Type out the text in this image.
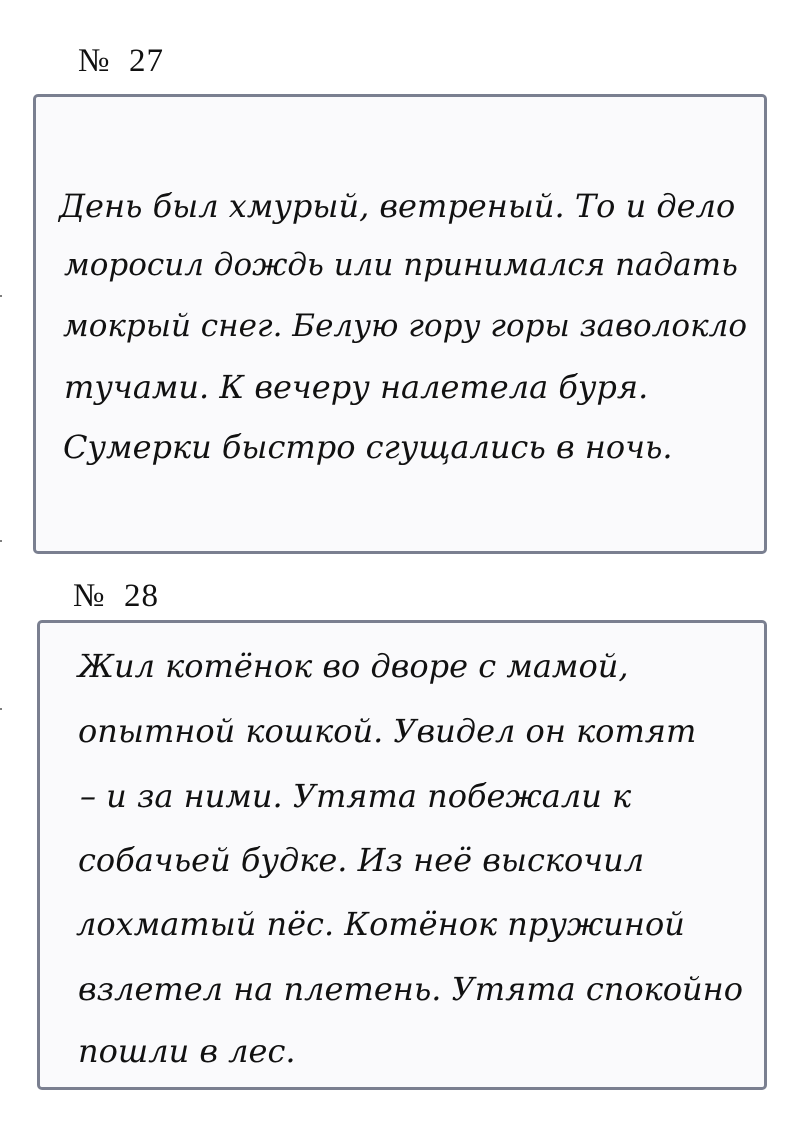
№  27
День был хмурый, ветреный. То и дело
моросил дождь или принимался падать
мокрый снег. Белую гору горы заволокло
тучами. К вечеру налетела буря.
Сумерки быстро сгущались в ночь.
№  28
Жил котёнок во дворе с мамой,
опытной кошкой. Увидел он котят
– и за ними. Утята побежали к
собачьей будке. Из неё выскочил
лохматый пёс. Котёнок пружиной
взлетел на плетень. Утята спокойно
пошли в лес.
